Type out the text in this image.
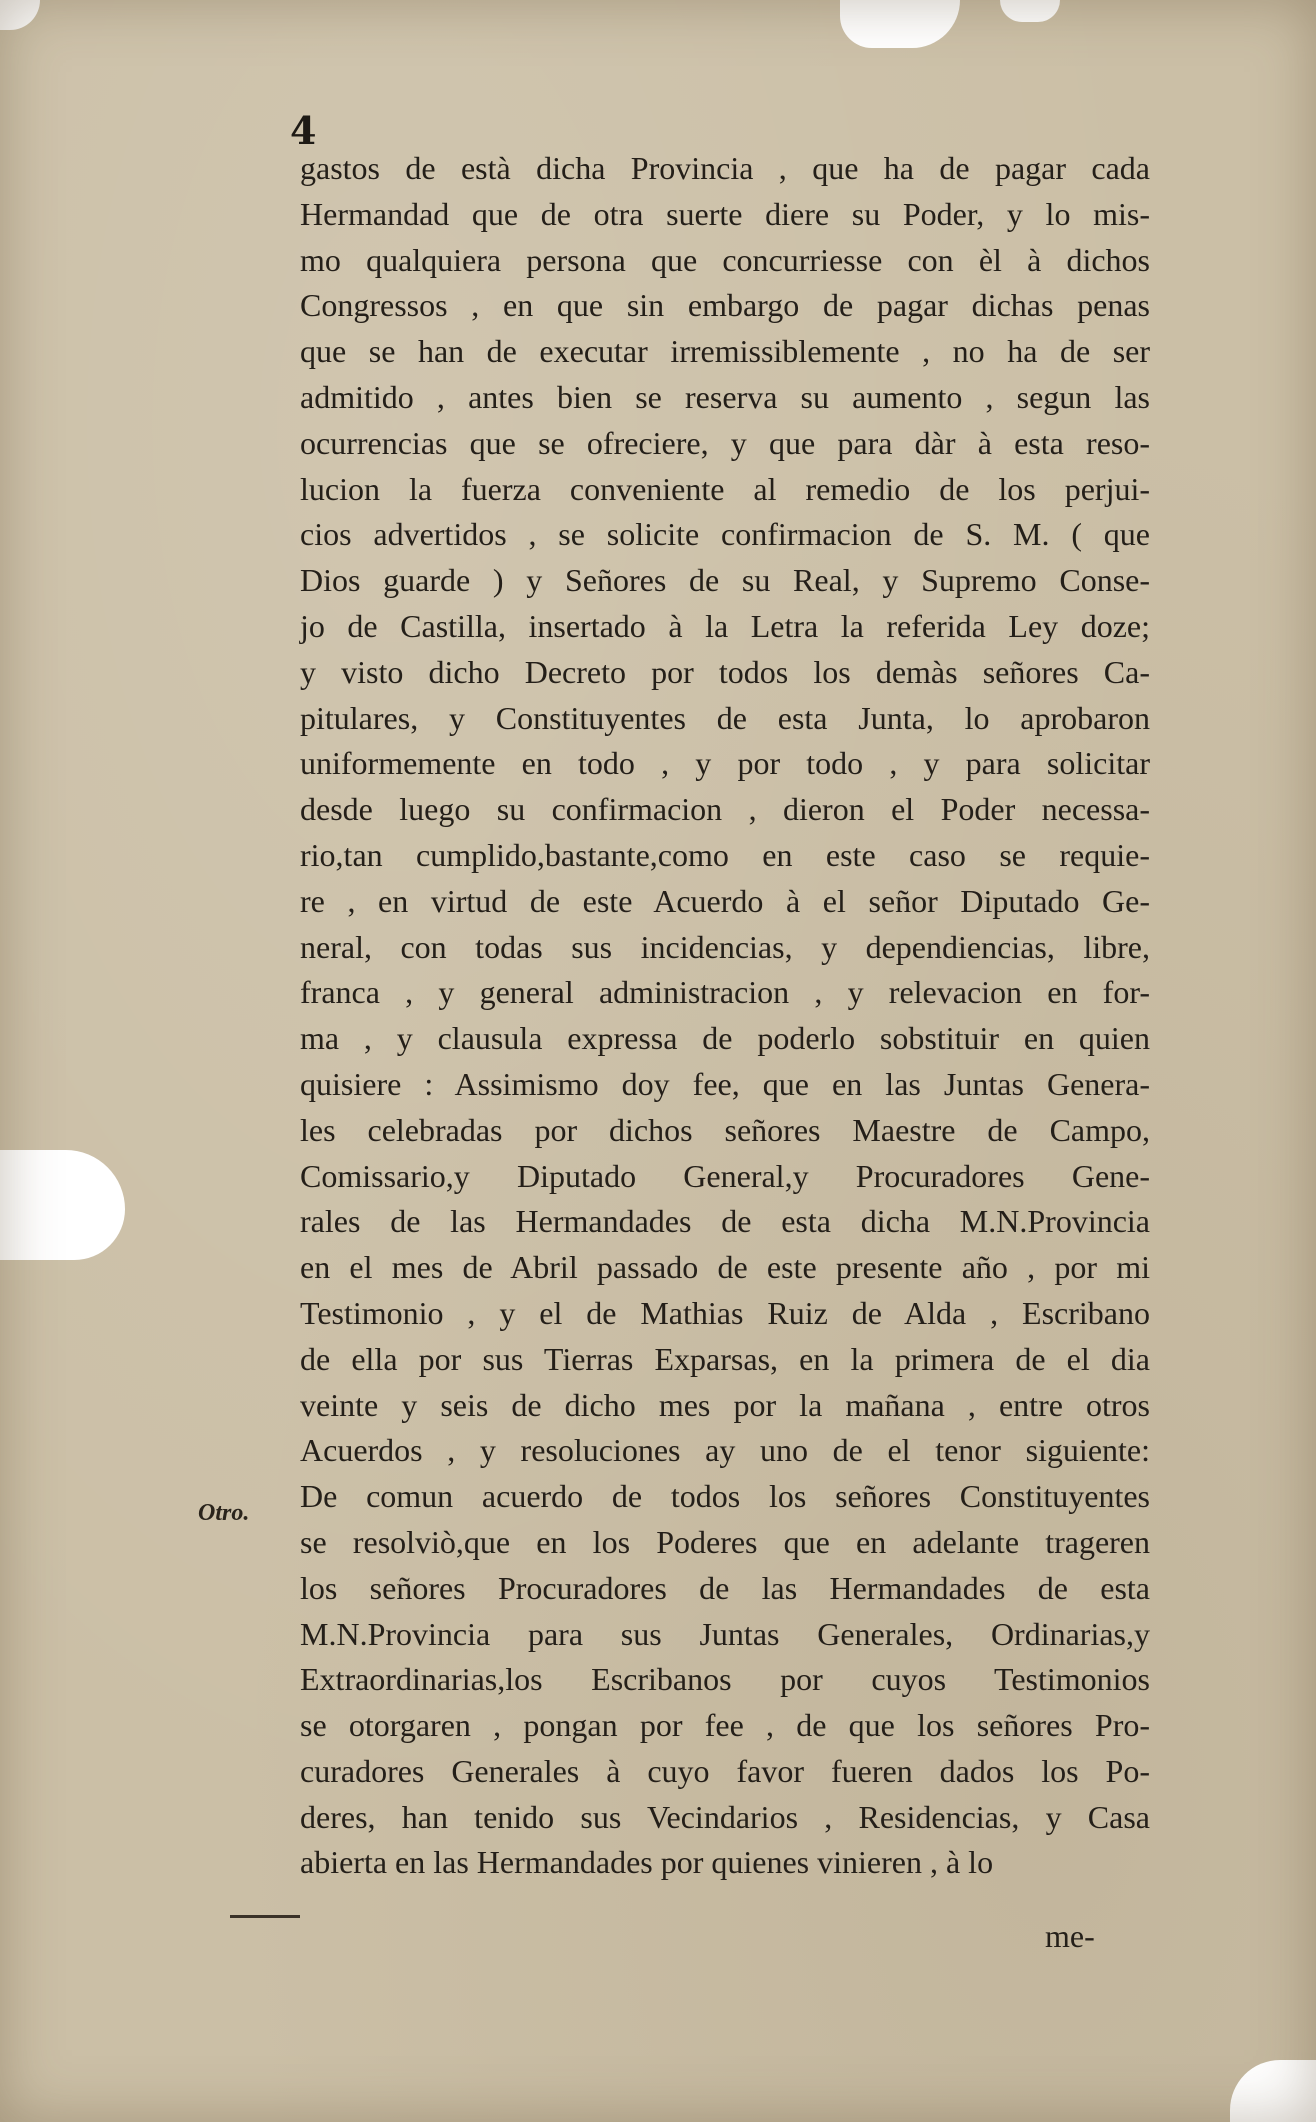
4
Otro.
gastos de està dicha Provincia , que ha de pagar cada
Hermandad que de otra suerte diere su Poder, y lo mis-
mo qualquiera persona que concurriesse con èl à dichos
Congressos , en que sin embargo de pagar dichas penas
que se han de executar irremissiblemente , no ha de ser
admitido , antes bien se reserva su aumento , segun las
ocurrencias que se ofreciere, y que para dàr à esta reso-
lucion la fuerza conveniente al remedio de los perjui-
cios advertidos , se solicite confirmacion de S. M. ( que
Dios guarde ) y Señores de su Real, y Supremo Conse-
jo de Castilla, insertado à la Letra la referida Ley doze;
y visto dicho Decreto por todos los demàs señores Ca-
pitulares, y Constituyentes de esta Junta, lo aprobaron
uniformemente en todo , y por todo , y para solicitar
desde luego su confirmacion , dieron el Poder necessa-
rio,tan cumplido,bastante,como en este caso se requie-
re , en virtud de este Acuerdo à el señor Diputado Ge-
neral, con todas sus incidencias, y dependiencias, libre,
franca , y general administracion , y relevacion en for-
ma , y clausula expressa de poderlo sobstituir en quien
quisiere : Assimismo doy fee, que en las Juntas Genera-
les celebradas por dichos señores Maestre de Campo,
Comissario,y Diputado General,y Procuradores Gene-
rales de las Hermandades de esta dicha M.N.Provincia
en el mes de Abril passado de este presente año , por mi
Testimonio , y el de Mathias Ruiz de Alda , Escribano
de ella por sus Tierras Exparsas, en la primera de el dia
veinte y seis de dicho mes por la mañana , entre otros
Acuerdos , y resoluciones ay uno de el tenor siguiente:
De comun acuerdo de todos los señores Constituyentes
se resolviò,que en los Poderes que en adelante trageren
los señores Procuradores de las Hermandades de esta
M.N.Provincia para sus Juntas Generales, Ordinarias,y
Extraordinarias,los Escribanos por cuyos Testimonios
se otorgaren , pongan por fee , de que los señores Pro-
curadores Generales à cuyo favor fueren dados los Po-
deres, han tenido sus Vecindarios , Residencias, y Casa
abierta en las Hermandades por quienes vinieren , à lo
me-
